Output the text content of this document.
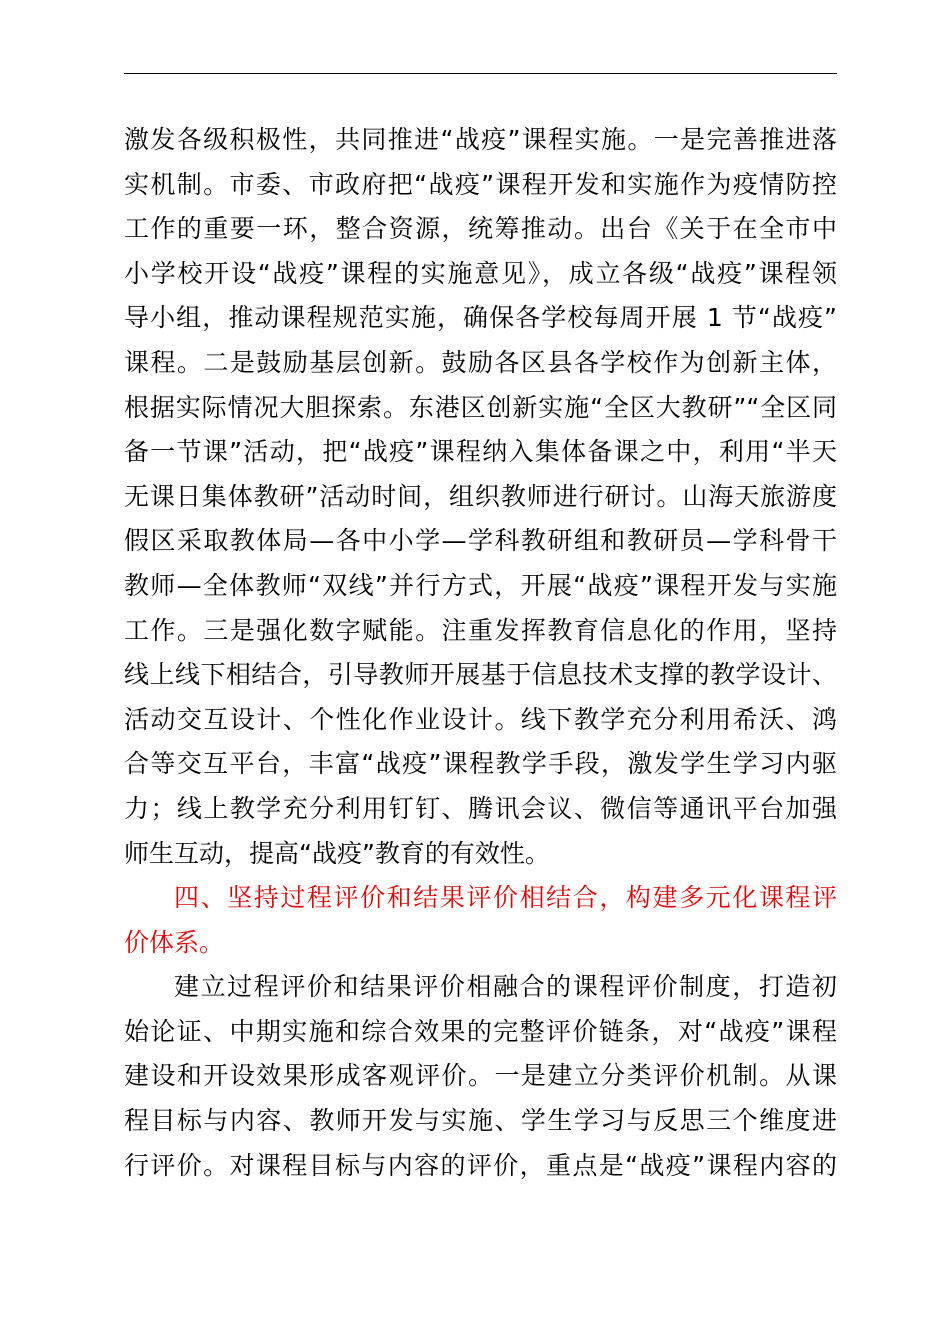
激发各级积极性，共同推进“战疫”课程实施。一是完善推进落
实机制。市委、市政府把“战疫”课程开发和实施作为疫情防控
工作的重要一环，整合资源，统筹推动。出台《关于在全市中
小学校开设“战疫”课程的实施意见》，成立各级“战疫”课程领
导小组，推动课程规范实施，确保各学校每周开展 1 节“战疫”
课程。二是鼓励基层创新。鼓励各区县各学校作为创新主体，
根据实际情况大胆探索。东港区创新实施“全区大教研”“全区同
备一节课”活动，把“战疫”课程纳入集体备课之中，利用“半天
无课日集体教研”活动时间，组织教师进行研讨。山海天旅游度
假区采取教体局—各中小学—学科教研组和教研员—学科骨干
教师—全体教师“双线”并行方式，开展“战疫”课程开发与实施
工作。三是强化数字赋能。注重发挥教育信息化的作用，坚持
线上线下相结合，引导教师开展基于信息技术支撑的教学设计、
活动交互设计、个性化作业设计。线下教学充分利用希沃、鸿
合等交互平台，丰富“战疫”课程教学手段，激发学生学习内驱
力；线上教学充分利用钉钉、腾讯会议、微信等通讯平台加强
师生互动，提高“战疫”教育的有效性。
四、坚持过程评价和结果评价相结合，构建多元化课程评
价体系。
建立过程评价和结果评价相融合的课程评价制度，打造初
始论证、中期实施和综合效果的完整评价链条，对“战疫”课程
建设和开设效果形成客观评价。一是建立分类评价机制。从课
程目标与内容、教师开发与实施、学生学习与反思三个维度进
行评价。对课程目标与内容的评价，重点是“战疫”课程内容的
